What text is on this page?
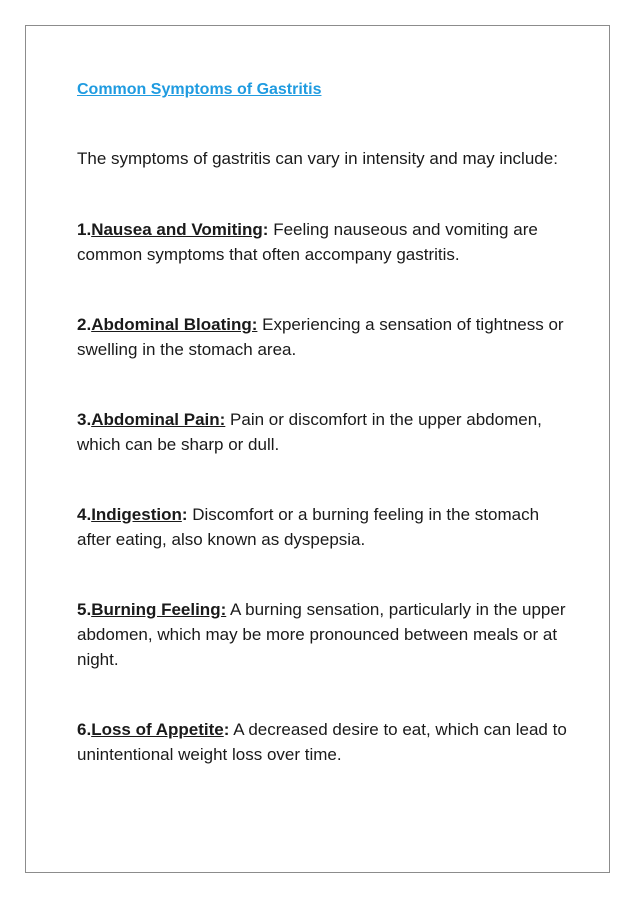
Common Symptoms of Gastritis

The symptoms of gastritis can vary in intensity and may include:

1.Nausea and Vomiting: Feeling nauseous and vomiting are common symptoms that often accompany gastritis.

2.Abdominal Bloating: Experiencing a sensation of tightness or swelling in the stomach area.

3.Abdominal Pain: Pain or discomfort in the upper abdomen, which can be sharp or dull.

4.Indigestion: Discomfort or a burning feeling in the stomach after eating, also known as dyspepsia.

5.Burning Feeling: A burning sensation, particularly in the upper abdomen, which may be more pronounced between meals or at night.

6.Loss of Appetite: A decreased desire to eat, which can lead to unintentional weight loss over time.
